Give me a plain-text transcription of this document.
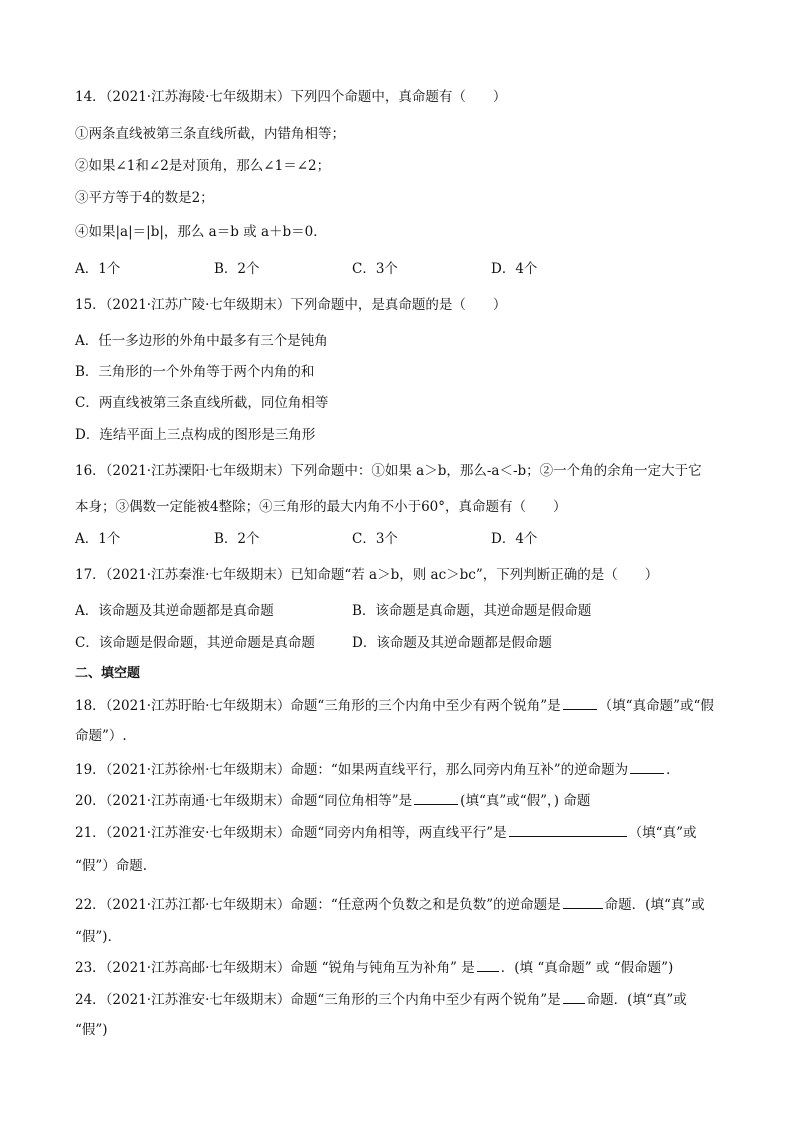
14．（2021·江苏海陵·七年级期末）下列四个命题中，真命题有（　　）
①两条直线被第三条直线所截，内错角相等；
②如果∠1和∠2是对顶角，那么∠1＝∠2；
③平方等于4的数是2；
④如果|a|＝|b|，那么 a＝b 或 a＋b＝0．
A．1个	B．2个	C．3个	D．4个
15．（2021·江苏广陵·七年级期末）下列命题中，是真命题的是（　　）
A．任一多边形的外角中最多有三个是钝角
B．三角形的一个外角等于两个内角的和
C．两直线被第三条直线所截，同位角相等
D．连结平面上三点构成的图形是三角形
16．（2021·江苏溧阳·七年级期末）下列命题中：①如果 a＞b，那么-a＜-b；②一个角的余角一定大于它
本身；③偶数一定能被4整除；④三角形的最大内角不小于60°，真命题有（　　）
A．1个	B．2个	C．3个	D．4个
17．（2021·江苏秦淮·七年级期末）已知命题“若 a＞b，则 ac＞bc”，下列判断正确的是（　　）
A．该命题及其逆命题都是真命题	B．该命题是真命题，其逆命题是假命题
C．该命题是假命题，其逆命题是真命题	D．该命题及其逆命题都是假命题
二、填空题
18．（2021·江苏盱眙·七年级期末）命题“三角形的三个内角中至少有两个锐角”是	（填“真命题”或“假
命题”）.
19．（2021·江苏徐州·七年级期末）命题：“如果两直线平行，那么同旁内角互补”的逆命题为	．
20．（2021·江苏南通·七年级期末）命题“同位角相等”是	(填“真”或“假”，) 命题
21．（2021·江苏淮安·七年级期末）命题“同旁内角相等，两直线平行”是	（填“真”或
“假”）命题.
22．（2021·江苏江都·七年级期末）命题：“任意两个负数之和是负数”的逆命题是	命题．(填“真”或
“假”)．
23．（2021·江苏高邮·七年级期末）命题 “锐角与钝角互为补角” 是 ．(填 “真命题” 或 “假命题”)
24．（2021·江苏淮安·七年级期末）命题“三角形的三个内角中至少有两个锐角”是 命题．(填“真”或
“假”)
